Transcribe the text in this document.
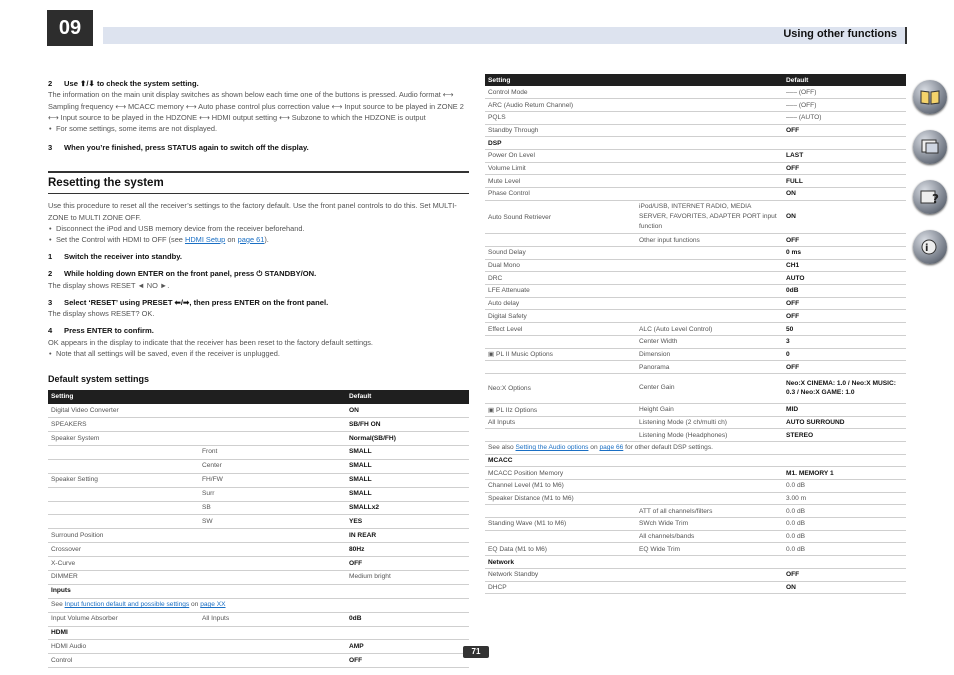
09	Using other functions
?
i
2 Use ⬆/⬇ to check the system setting.
The information on the main unit display switches as shown below each time one of the buttons is pressed. Audio format ⟷ Sampling frequency ⟷ MCACC memory ⟷ Auto phase control plus correction value ⟷ Input source to be played in ZONE 2 ⟷ Input source to be played in the HDZONE ⟷ HDMI output setting ⟷ Subzone to which the HDZONE is output
• For some settings, some items are not displayed.
3 When you’re finished, press STATUS again to switch off the display.
Resetting the system
Use this procedure to reset all the receiver’s settings to the factory default. Use the front panel controls to do this. Set MULTI-ZONE to MULTI ZONE OFF.
• Disconnect the iPod and USB memory device from the receiver beforehand.
• Set the Control with HDMI to OFF (see HDMI Setup on page 61).
1 Switch the receiver into standby.
2 While holding down ENTER on the front panel, press ⏻ STANDBY/ON.
The display shows RESET ◄ NO ►.
3 Select ‘RESET’ using PRESET ⬅/➡, then press ENTER on the front panel.
The display shows RESET? OK.
4 Press ENTER to confirm.
OK appears in the display to indicate that the receiver has been reset to the factory default settings.
• Note that all settings will be saved, even if the receiver is unplugged.
Default system settings
Setting		Default
Digital Video Converter		ON
SPEAKERS		SB/FH ON
Speaker System		Normal(SB/FH)
	Front	SMALL
	Center	SMALL
Speaker Setting	FH/FW	SMALL
	Surr	SMALL
	SB	SMALLx2
	SW	YES
Surround Position		IN REAR
Crossover		80Hz
X-Curve		OFF
DIMMER		Medium bright
Inputs		
See Input function default and possible settings on page XX		
Input Volume Absorber	All Inputs	0dB
HDMI		
HDMI Audio		AMP
Control		OFF
Setting		Default
Control Mode		––– (OFF)
ARC (Audio Return Channel)		––– (OFF)
PQLS		––– (AUTO)
Standby Through		OFF
DSP		
Power On Level		LAST
Volume Limit		OFF
Mute Level		FULL
Phase Control		ON
Auto Sound Retriever	iPod/USB, INTERNET RADIO, MEDIA SERVER, FAVORITES, ADAPTER PORT input function	ON
	Other input functions	OFF
Sound Delay		0 ms
Dual Mono		CH1
DRC		AUTO
LFE Attenuate		0dB
Auto delay		OFF
Digital Safety		OFF
Effect Level	ALC (Auto Level Control)	50
	Center Width	3
▣ PL II Music Options	Dimension	0
	Panorama	OFF
Neo:X Options	Center Gain	Neo:X CINEMA: 1.0 / Neo:X MUSIC: 0.3 / Neo:X GAME: 1.0
▣ PL IIz Options	Height Gain	MID
All Inputs	Listening Mode (2 ch/multi ch)	AUTO SURROUND
	Listening Mode (Headphones)	STEREO
See also Setting the Audio options on page 66 for other default DSP settings.		
MCACC		
MCACC Position Memory		M1. MEMORY 1
Channel Level (M1 to M6)		0.0 dB
Speaker Distance (M1 to M6)		3.00 m
	ATT of all channels/filters	0.0 dB
Standing Wave (M1 to M6)	SWch Wide Trim	0.0 dB
	All channels/bands	0.0 dB
EQ Data (M1 to M6)	EQ Wide Trim	0.0 dB
Network		
Network Standby		OFF
DHCP		ON
71
